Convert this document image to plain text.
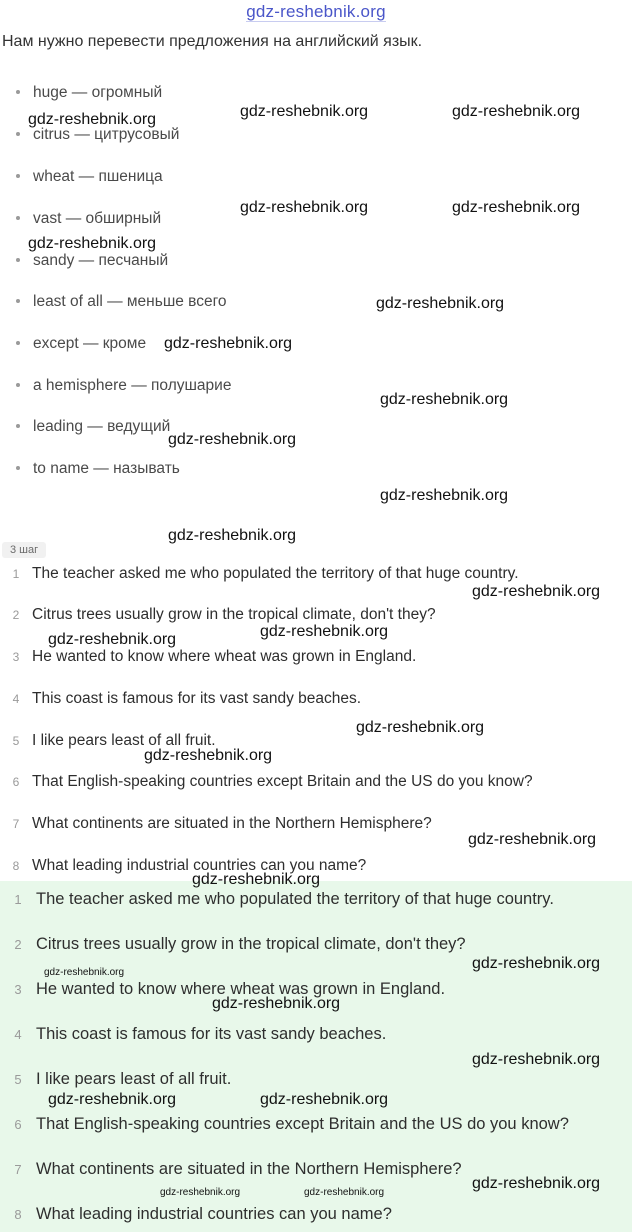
gdz-reshebnik.org
Нам нужно перевести предложения на английский язык.
huge — огромный
citrus — цитрусовый
wheat — пшеница
vast — обширный
sandy — песчаный
least of all — меньше всего
except — кроме
a hemisphere — полушарие
leading — ведущий
to name — называть
3 шаг
1 The teacher asked me who populated the territory of that huge country.
2 Citrus trees usually grow in the tropical climate, don't they?
3 He wanted to know where wheat was grown in England.
4 This coast is famous for its vast sandy beaches.
5 I like pears least of all fruit.
6 That English-speaking countries except Britain and the US do you know?
7 What continents are situated in the Northern Hemisphere?
8 What leading industrial countries can you name?
1 The teacher asked me who populated the territory of that huge country.
2 Citrus trees usually grow in the tropical climate, don't they?
3 He wanted to know where wheat was grown in England.
4 This coast is famous for its vast sandy beaches.
5 I like pears least of all fruit.
6 That English-speaking countries except Britain and the US do you know?
7 What continents are situated in the Northern Hemisphere?
8 What leading industrial countries can you name?
gdz-reshebnik.org	gdz-reshebnik.org
gdz-reshebnik.org
gdz-reshebnik.org	gdz-reshebnik.org
gdz-reshebnik.org
gdz-reshebnik.org
gdz-reshebnik.org
gdz-reshebnik.org
gdz-reshebnik.org
gdz-reshebnik.org
gdz-reshebnik.org
gdz-reshebnik.org
gdz-reshebnik.org
gdz-reshebnik.org
gdz-reshebnik.org
gdz-reshebnik.org
gdz-reshebnik.org
gdz-reshebnik.org
gdz-reshebnik.org
gdz-reshebnik.org
gdz-reshebnik.org
gdz-reshebnik.org
gdz-reshebnik.org	gdz-reshebnik.org
gdz-reshebnik.org
gdz-reshebnik.org	gdz-reshebnik.org
